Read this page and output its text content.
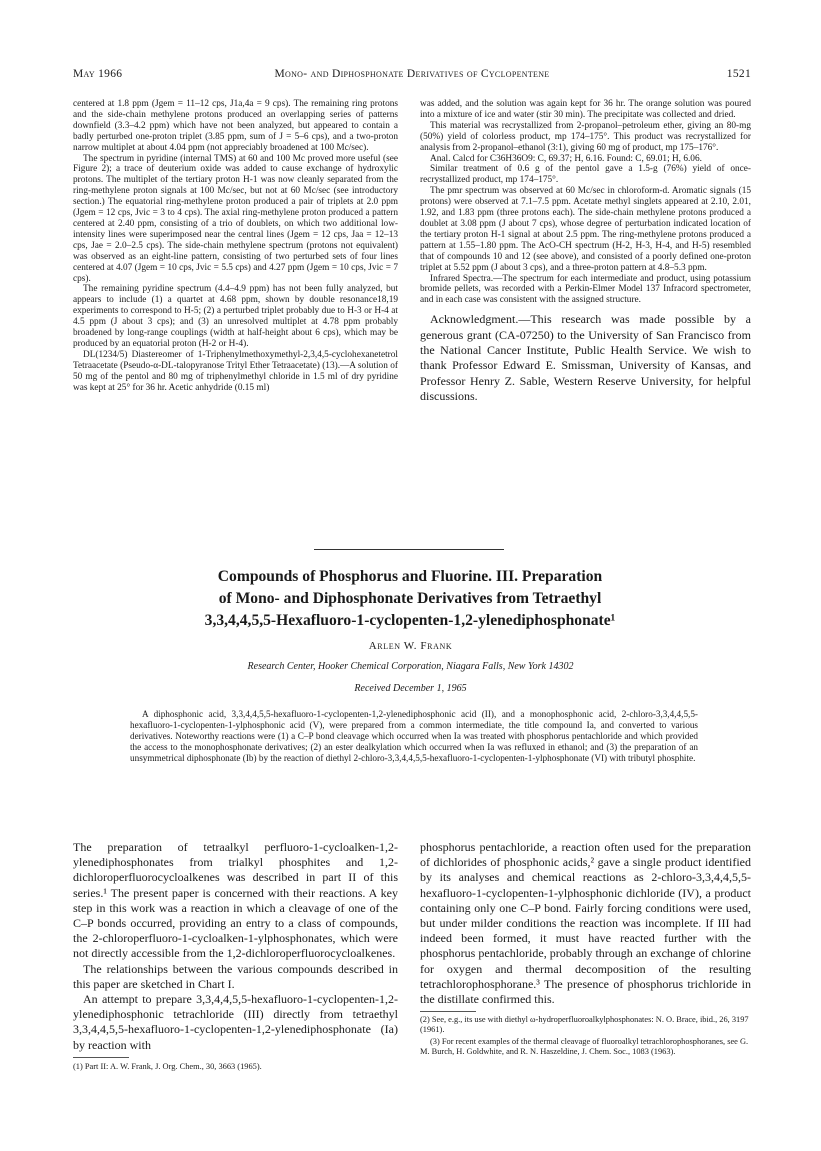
May 1966	Mono- and Diphosphonate Derivatives of Cyclopentene	1521

centered at 1.8 ppm (Jgem = 11–12 cps, J1a,4a = 9 cps). The remaining ring protons and the side-chain methylene protons produced an overlapping series of patterns downfield (3.3–4.2 ppm) which have not been analyzed, but appeared to contain a badly perturbed one-proton triplet (3.85 ppm, sum of J = 5–6 cps), and a two-proton narrow multiplet at about 4.04 ppm (not appreciably broadened at 100 Mc/sec).

The spectrum in pyridine (internal TMS) at 60 and 100 Mc proved more useful (see Figure 2); a trace of deuterium oxide was added to cause exchange of hydroxylic protons. The multiplet of the tertiary proton H-1 was now cleanly separated from the ring-methylene proton signals at 100 Mc/sec, but not at 60 Mc/sec (see introductory section.) The equatorial ring-methylene proton produced a pair of triplets at 2.0 ppm (Jgem = 12 cps, Jvic = 3 to 4 cps). The axial ring-methylene proton produced a pattern centered at 2.40 ppm, consisting of a trio of doublets, on which two additional low-intensity lines were superimposed near the central lines (Jgem = 12 cps, Jaa = 12–13 cps, Jae = 2.0–2.5 cps). The side-chain methylene spectrum (protons not equivalent) was observed as an eight-line pattern, consisting of two perturbed sets of four lines centered at 4.07 (Jgem = 10 cps, Jvic = 5.5 cps) and 4.27 ppm (Jgem = 10 cps, Jvic = 7 cps).

The remaining pyridine spectrum (4.4–4.9 ppm) has not been fully analyzed, but appears to include (1) a quartet at 4.68 ppm, shown by double resonance18,19 experiments to correspond to H-5; (2) a perturbed triplet probably due to H-3 or H-4 at 4.5 ppm (J about 3 cps); and (3) an unresolved multiplet at 4.78 ppm probably broadened by long-range couplings (width at half-height about 6 cps), which may be produced by an equatorial proton (H-2 or H-4).

DL(1234/5) Diastereomer of 1-Triphenylmethoxymethyl-2,3,4,5-cyclohexanetetrol Tetraacetate (Pseudo-α-DL-talopyranose Trityl Ether Tetraacetate) (13).—A solution of 50 mg of the pentol and 80 mg of triphenylmethyl chloride in 1.5 ml of dry pyridine was kept at 25° for 36 hr. Acetic anhydride (0.15 ml)

was added, and the solution was again kept for 36 hr. The orange solution was poured into a mixture of ice and water (stir 30 min). The precipitate was collected and dried.

This material was recrystallized from 2-propanol–petroleum ether, giving an 80-mg (50%) yield of colorless product, mp 174–175°. This product was recrystallized for analysis from 2-propanol–ethanol (3:1), giving 60 mg of product, mp 175–176°.

Anal. Calcd for C36H36O9: C, 69.37; H, 6.16. Found: C, 69.01; H, 6.06.

Similar treatment of 0.6 g of the pentol gave a 1.5-g (76%) yield of once-recrystallized product, mp 174–175°.

The pmr spectrum was observed at 60 Mc/sec in chloroform-d. Aromatic signals (15 protons) were observed at 7.1–7.5 ppm. Acetate methyl singlets appeared at 2.10, 2.01, 1.92, and 1.83 ppm (three protons each). The side-chain methylene protons produced a doublet at 3.08 ppm (J about 7 cps), whose degree of perturbation indicated location of the tertiary proton H-1 signal at about 2.5 ppm. The ring-methylene protons produced a pattern at 1.55–1.80 ppm. The AcO-CH spectrum (H-2, H-3, H-4, and H-5) resembled that of compounds 10 and 12 (see above), and consisted of a poorly defined one-proton triplet at 5.52 ppm (J about 3 cps), and a three-proton pattern at 4.8–5.3 ppm.

Infrared Spectra.—The spectrum for each intermediate and product, using potassium bromide pellets, was recorded with a Perkin-Elmer Model 137 Infracord spectrometer, and in each case was consistent with the assigned structure.

Acknowledgment.—This research was made possible by a generous grant (CA-07250) to the University of San Francisco from the National Cancer Institute, Public Health Service. We wish to thank Professor Edward E. Smissman, University of Kansas, and Professor Henry Z. Sable, Western Reserve University, for helpful discussions.

Compounds of Phosphorus and Fluorine. III. Preparation
of Mono- and Diphosphonate Derivatives from Tetraethyl
3,3,4,4,5,5-Hexafluoro-1-cyclopenten-1,2-ylenediphosphonate¹
Arlen W. Frank
Research Center, Hooker Chemical Corporation, Niagara Falls, New York 14302
Received December 1, 1965
A diphosphonic acid, 3,3,4,4,5,5-hexafluoro-1-cyclopenten-1,2-ylenediphosphonic acid (II), and a monophosphonic acid, 2-chloro-3,3,4,4,5,5-hexafluoro-1-cyclopenten-1-ylphosphonic acid (V), were prepared from a common intermediate, the title compound Ia, and converted to various derivatives. Noteworthy reactions were (1) a C–P bond cleavage which occurred when Ia was treated with phosphorus pentachloride and which provided the access to the monophosphonate derivatives; (2) an ester dealkylation which occurred when Ia was refluxed in ethanol; and (3) the preparation of an unsymmetrical diphosphonate (Ib) by the reaction of diethyl 2-chloro-3,3,4,4,5,5-hexafluoro-1-cyclopenten-1-ylphosphonate (VI) with tributyl phosphite.

The preparation of tetraalkyl perfluoro-1-cycloalken-1,2-ylenediphosphonates from trialkyl phosphites and 1,2-dichloroperfluorocycloalkenes was described in part II of this series.¹ The present paper is concerned with their reactions. A key step in this work was a reaction in which a cleavage of one of the C–P bonds occurred, providing an entry to a class of compounds, the 2-chloroperfluoro-1-cycloalken-1-ylphosphonates, which were not directly accessible from the 1,2-dichloroperfluorocycloalkenes.

The relationships between the various compounds described in this paper are sketched in Chart I.

An attempt to prepare 3,3,4,4,5,5-hexafluoro-1-cyclopenten-1,2-ylenediphosphonic tetrachloride (III) directly from tetraethyl 3,3,4,4,5,5-hexafluoro-1-cyclopenten-1,2-ylenediphosphonate (Ia) by reaction with

(1) Part II: A. W. Frank, J. Org. Chem., 30, 3663 (1965).

phosphorus pentachloride, a reaction often used for the preparation of dichlorides of phosphonic acids,² gave a single product identified by its analyses and chemical reactions as 2-chloro-3,3,4,4,5,5-hexafluoro-1-cyclopenten-1-ylphosphonic dichloride (IV), a product containing only one C–P bond. Fairly forcing conditions were used, but under milder conditions the reaction was incomplete. If III had indeed been formed, it must have reacted further with the phosphorus pentachloride, probably through an exchange of chlorine for oxygen and thermal decomposition of the resulting tetrachlorophosphorane.³ The presence of phosphorus trichloride in the distillate confirmed this.

(2) See, e.g., its use with diethyl ω-hydroperfluoroalkylphosphonates: N. O. Brace, ibid., 26, 3197 (1961).

(3) For recent examples of the thermal cleavage of fluoroalkyl tetrachlorophosphoranes, see G. M. Burch, H. Goldwhite, and R. N. Haszeldine, J. Chem. Soc., 1083 (1963).
